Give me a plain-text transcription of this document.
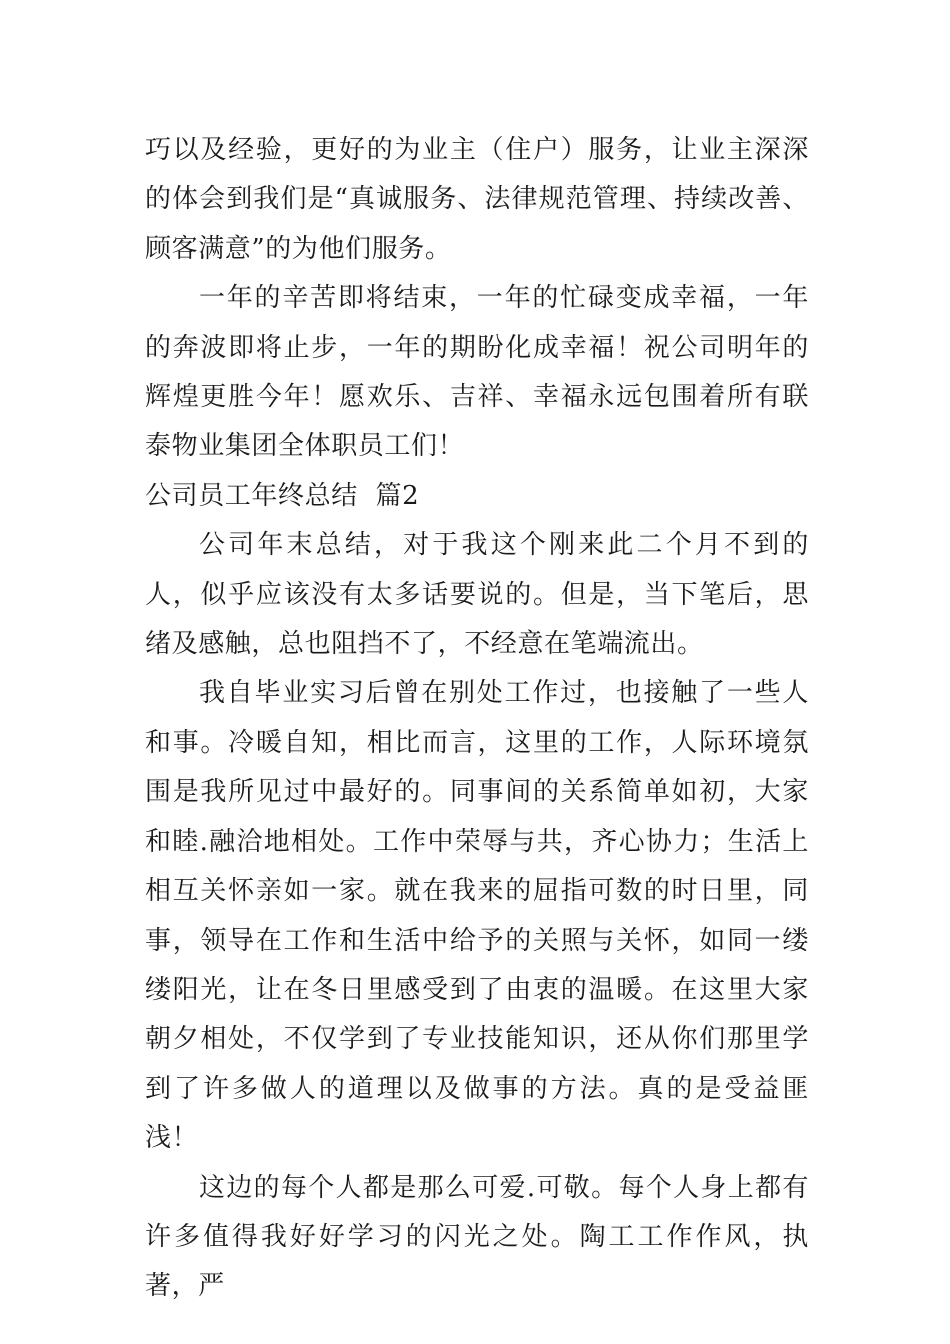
巧以及经验，更好的为业主（住户）服务，让业主深深的体会到我们是“真诚服务、法律规范管理、持续改善、顾客满意”的为他们服务。

一年的辛苦即将结束，一年的忙碌变成幸福，一年的奔波即将止步，一年的期盼化成幸福！祝公司明年的辉煌更胜今年！愿欢乐、吉祥、幸福永远包围着所有联泰物业集团全体职员工们！

公司员工年终总结  篇2

公司年末总结，对于我这个刚来此二个月不到的人，似乎应该没有太多话要说的。但是，当下笔后，思绪及感触，总也阻挡不了，不经意在笔端流出。

我自毕业实习后曾在别处工作过，也接触了一些人和事。冷暖自知，相比而言，这里的工作，人际环境氛围是我所见过中最好的。同事间的关系简单如初，大家和睦.融洽地相处。工作中荣辱与共，齐心协力；生活上相互关怀亲如一家。就在我来的屈指可数的时日里，同事，领导在工作和生活中给予的关照与关怀，如同一缕缕阳光，让在冬日里感受到了由衷的温暖。在这里大家朝夕相处，不仅学到了专业技能知识，还从你们那里学到了许多做人的道理以及做事的方法。真的是受益匪浅！

这边的每个人都是那么可爱.可敬。每个人身上都有许多值得我好好学习的闪光之处。陶工工作作风，执著，严
